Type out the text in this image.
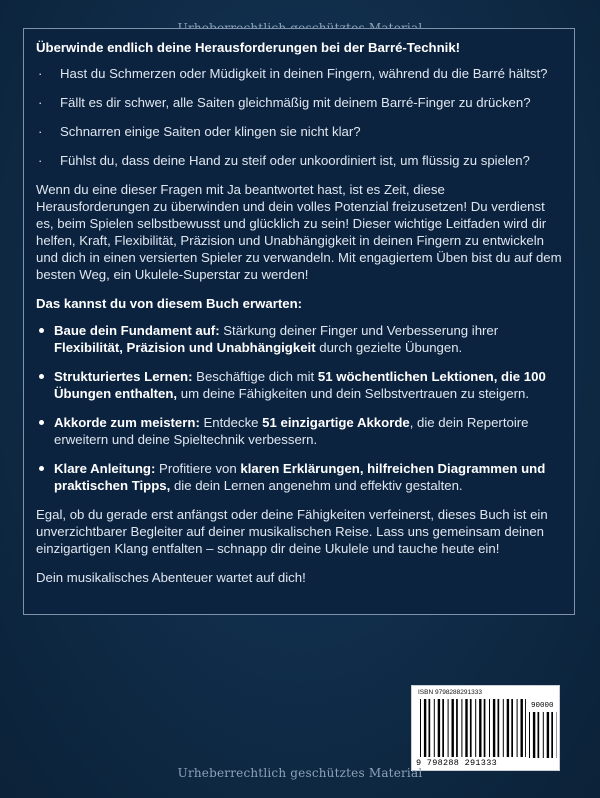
Überwinde endlich deine Herausforderungen bei der Barré-Technik!

· Hast du Schmerzen oder Müdigkeit in deinen Fingern, während du die Barré hältst?
· Fällt es dir schwer, alle Saiten gleichmäßig mit deinem Barré-Finger zu drücken?
· Schnarren einige Saiten oder klingen sie nicht klar?
· Fühlst du, dass deine Hand zu steif oder unkoordiniert ist, um flüssig zu spielen?

Wenn du eine dieser Fragen mit Ja beantwortet hast, ist es Zeit, diese Herausforderungen zu überwinden und dein volles Potenzial freizusetzen! Du verdienst es, beim Spielen selbstbewusst und glücklich zu sein! Dieser wichtige Leitfaden wird dir helfen, Kraft, Flexibilität, Präzision und Unabhängigkeit in deinen Fingern zu entwickeln und dich in einen versierten Spieler zu verwandeln. Mit engagiertem Üben bist du auf dem besten Weg, ein Ukulele-Superstar zu werden!

Das kannst du von diesem Buch erwarten:

Baue dein Fundament auf: Stärkung deiner Finger und Verbesserung ihrer Flexibilität, Präzision und Unabhängigkeit durch gezielte Übungen.
Strukturiertes Lernen: Beschäftige dich mit 51 wöchentlichen Lektionen, die 100 Übungen enthalten, um deine Fähigkeiten und dein Selbstvertrauen zu steigern.
Akkorde zum meistern: Entdecke 51 einzigartige Akkorde, die dein Repertoire erweitern und deine Spieltechnik verbessern.
Klare Anleitung: Profitiere von klaren Erklärungen, hilfreichen Diagrammen und praktischen Tipps, die dein Lernen angenehm und effektiv gestalten.

Egal, ob du gerade erst anfängst oder deine Fähigkeiten verfeinerst, dieses Buch ist ein unverzichtbarer Begleiter auf deiner musikalischen Reise. Lass uns gemeinsam deinen einzigartigen Klang entfalten – schnapp dir deine Ukulele und tauche heute ein!

Dein musikalisches Abenteuer wartet auf dich!

ISBN 9798288291333
90000
9 798288 291333
Urheberrechtlich geschütztes Material
